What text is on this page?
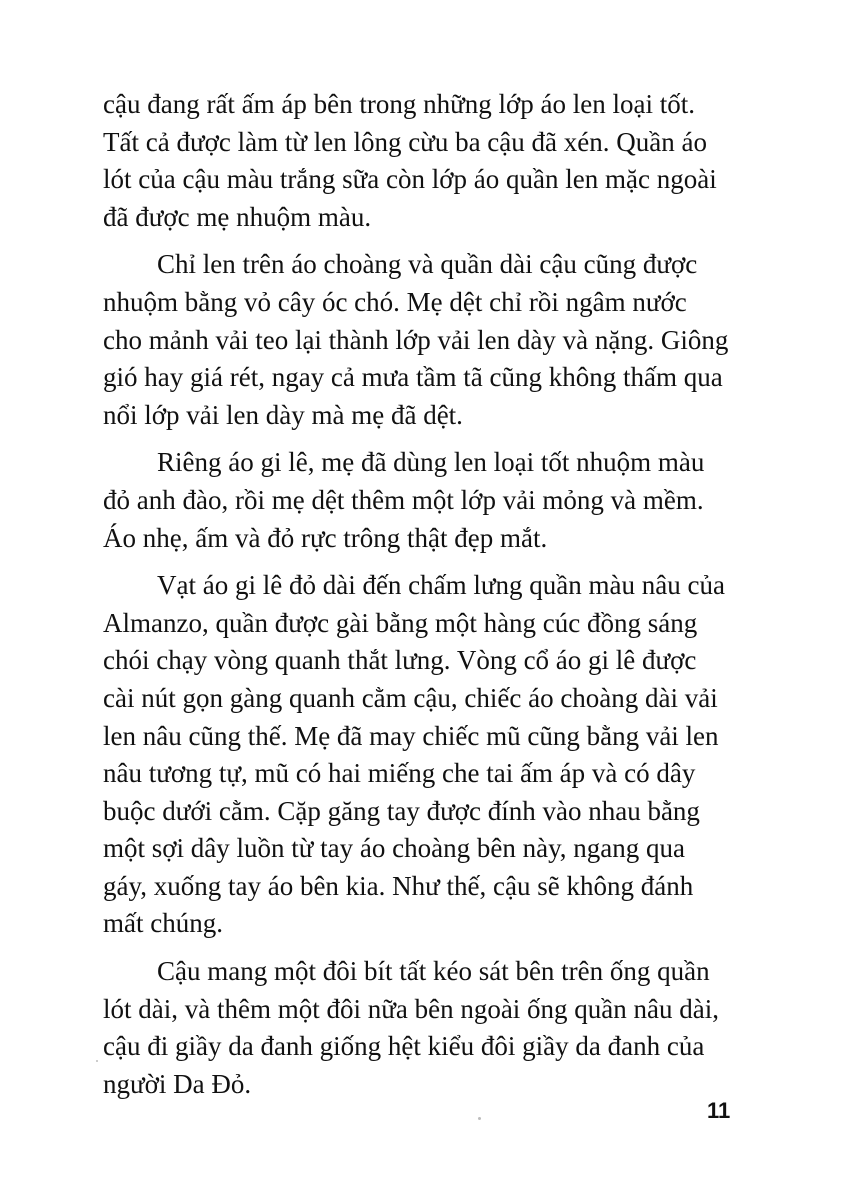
cậu đang rất ấm áp bên trong những lớp áo len loại tốt.
Tất cả được làm từ len lông cừu ba cậu đã xén. Quần áo
lót của cậu màu trắng sữa còn lớp áo quần len mặc ngoài
đã được mẹ nhuộm màu.

Chỉ len trên áo choàng và quần dài cậu cũng được
nhuộm bằng vỏ cây óc chó. Mẹ dệt chỉ rồi ngâm nước
cho mảnh vải teo lại thành lớp vải len dày và nặng. Giông
gió hay giá rét, ngay cả mưa tầm tã cũng không thấm qua
nổi lớp vải len dày mà mẹ đã dệt.

Riêng áo gi lê, mẹ đã dùng len loại tốt nhuộm màu
đỏ anh đào, rồi mẹ dệt thêm một lớp vải mỏng và mềm.
Áo nhẹ, ấm và đỏ rực trông thật đẹp mắt.

Vạt áo gi lê đỏ dài đến chấm lưng quần màu nâu của
Almanzo, quần được gài bằng một hàng cúc đồng sáng
chói chạy vòng quanh thắt lưng. Vòng cổ áo gi lê được
cài nút gọn gàng quanh cằm cậu, chiếc áo choàng dài vải
len nâu cũng thế. Mẹ đã may chiếc mũ cũng bằng vải len
nâu tương tự, mũ có hai miếng che tai ấm áp và có dây
buộc dưới cằm. Cặp găng tay được đính vào nhau bằng
một sợi dây luồn từ tay áo choàng bên này, ngang qua
gáy, xuống tay áo bên kia. Như thế, cậu sẽ không đánh
mất chúng.

Cậu mang một đôi bít tất kéo sát bên trên ống quần
lót dài, và thêm một đôi nữa bên ngoài ống quần nâu dài,
cậu đi giầy da đanh giống hệt kiểu đôi giầy da đanh của
người Da Đỏ.

11
